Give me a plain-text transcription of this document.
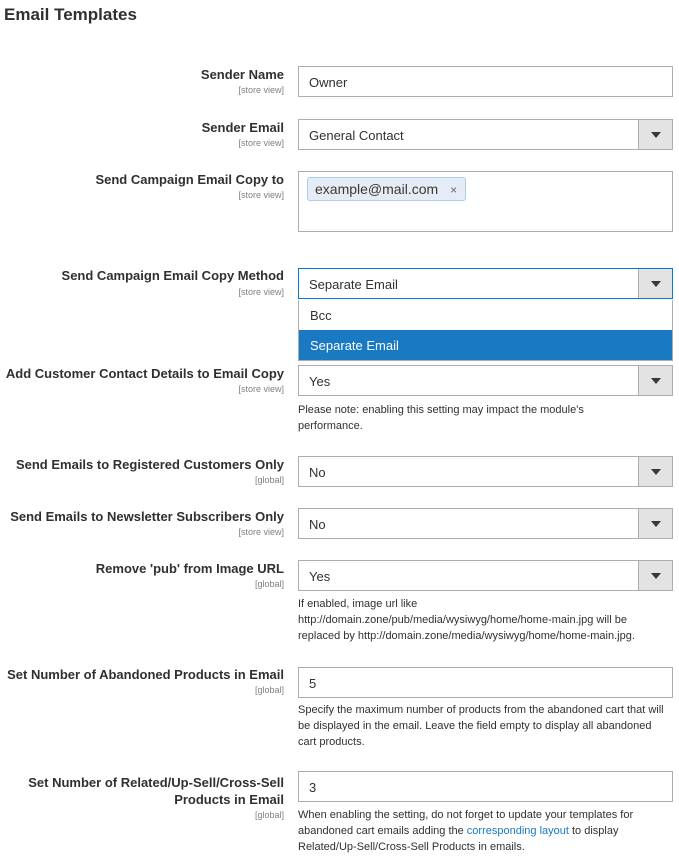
Email Templates
Sender Name
[store view] Owner
Sender Email
[store view] General Contact
Send Campaign Email Copy to
[store view]	example@mail.com ×
Send Campaign Email Copy Method
[store view] Separate Email
Bcc
Separate Email
Add Customer Contact Details to Email Copy
[store view] Yes
Please note: enabling this setting may impact the module's performance.
Send Emails to Registered Customers Only
[global] No
Send Emails to Newsletter Subscribers Only
[store view] No
Remove 'pub' from Image URL
[global] Yes
If enabled, image url like
http://domain.zone/pub/media/wysiwyg/home/home-main.jpg will be
replaced by http://domain.zone/media/wysiwyg/home/home-main.jpg.
Set Number of Abandoned Products in Email
[global] 5
Specify the maximum number of products from the abandoned cart that will be displayed in the email. Leave the field empty to display all abandoned cart products.
Set Number of Related/Up-Sell/Cross-Sell
Products in Email
[global]
3
When enabling the setting, do not forget to update your templates for abandoned cart emails adding the corresponding layout to display Related/Up-Sell/Cross-Sell Products in emails.
